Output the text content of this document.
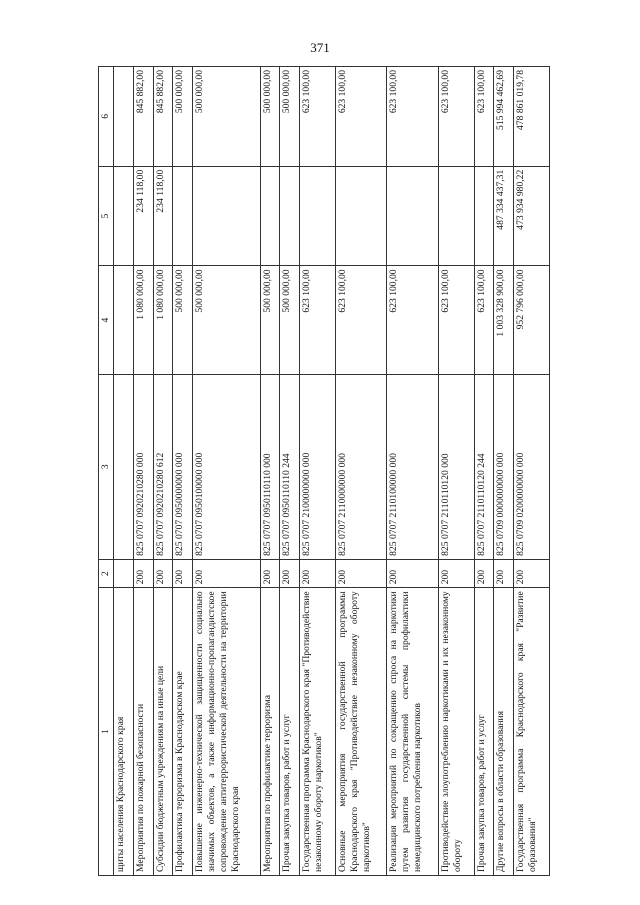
371
1	2	3	4	5	6
щиты населения Краснодарского края					
Мероприятия по пожарной безопасности	200	825 0707 0920210280 000	1 080 000,00	234 118,00	845 882,00
Субсидии бюджетным учреждениям на иные цели	200	825 0707 0920210280 612	1 080 000,00	234 118,00	845 882,00
Профилактика терроризма в Краснодарском крае	200	825 0707 0950000000 000	500 000,00		500 000,00
Повышение инженерно-технической защищенности социально значимых объектов, а также информационно-пропагандистское сопровождение антитеррористической деятельности на территории Краснодарского края	200	825 0707 0950100000 000	500 000,00		500 000,00
Мероприятия по профилактике терроризма	200	825 0707 0950110110 000	500 000,00		500 000,00
Прочая закупка товаров, работ и услуг	200	825 0707 0950110110 244	500 000,00		500 000,00
Государственная программа Краснодарского края "Противодействие незаконному обороту наркотиков"	200	825 0707 2100000000 000	623 100,00		623 100,00
Основные мероприятия государственной программы Краснодарского края "Противодействие незаконному обороту наркотиков"	200	825 0707 2110000000 000	623 100,00		623 100,00
Реализация мероприятий по сокращению спроса на наркотики путем развития государственной системы профилактики немедицинского потребления наркотиков	200	825 0707 2110100000 000	623 100,00		623 100,00
Противодействие злоупотреблению наркотиками и их незаконному обороту	200	825 0707 2110110120 000	623 100,00		623 100,00
Прочая закупка товаров, работ и услуг	200	825 0707 2110110120 244	623 100,00		623 100,00
Другие вопросы в области образования	200	825 0709 0000000000 000	1 003 328 900,00	487 334 437,31	515 994 462,69
Государственная программа Краснодарского края "Развитие образования"	200	825 0709 0200000000 000	952 796 000,00	473 934 980,22	478 861 019,78
